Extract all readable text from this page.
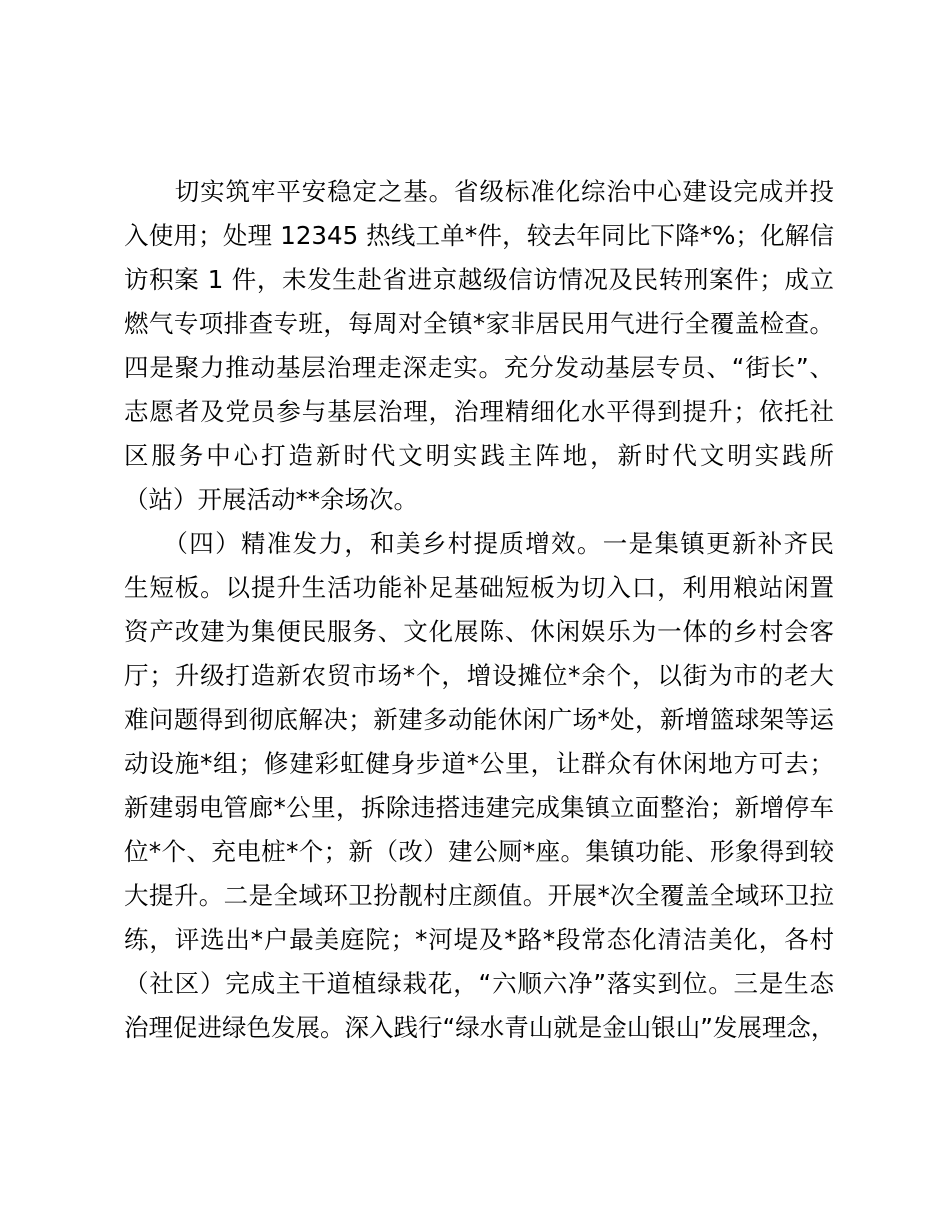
　　切实筑牢平安稳定之基。省级标准化综治中心建设完成并投
入使用；处理 12345 热线工单*件，较去年同比下降*%；化解信
访积案 1 件，未发生赴省进京越级信访情况及民转刑案件；成立
燃气专项排查专班，每周对全镇*家非居民用气进行全覆盖检查。
四是聚力推动基层治理走深走实。充分发动基层专员、“街长”、
志愿者及党员参与基层治理，治理精细化水平得到提升；依托社
区服务中心打造新时代文明实践主阵地，新时代文明实践所
（站）开展活动**余场次。
　　（四）精准发力，和美乡村提质增效。一是集镇更新补齐民
生短板。以提升生活功能补足基础短板为切入口，利用粮站闲置
资产改建为集便民服务、文化展陈、休闲娱乐为一体的乡村会客
厅；升级打造新农贸市场*个，增设摊位*余个，以街为市的老大
难问题得到彻底解决；新建多动能休闲广场*处，新增篮球架等运
动设施*组；修建彩虹健身步道*公里，让群众有休闲地方可去；
新建弱电管廊*公里，拆除违搭违建完成集镇立面整治；新增停车
位*个、充电桩*个；新（改）建公厕*座。集镇功能、形象得到较
大提升。二是全域环卫扮靓村庄颜值。开展*次全覆盖全域环卫拉
练，评选出*户最美庭院；*河堤及*路*段常态化清洁美化，各村
（社区）完成主干道植绿栽花，“六顺六净”落实到位。三是生态
治理促进绿色发展。深入践行“绿水青山就是金山银山”发展理念，
